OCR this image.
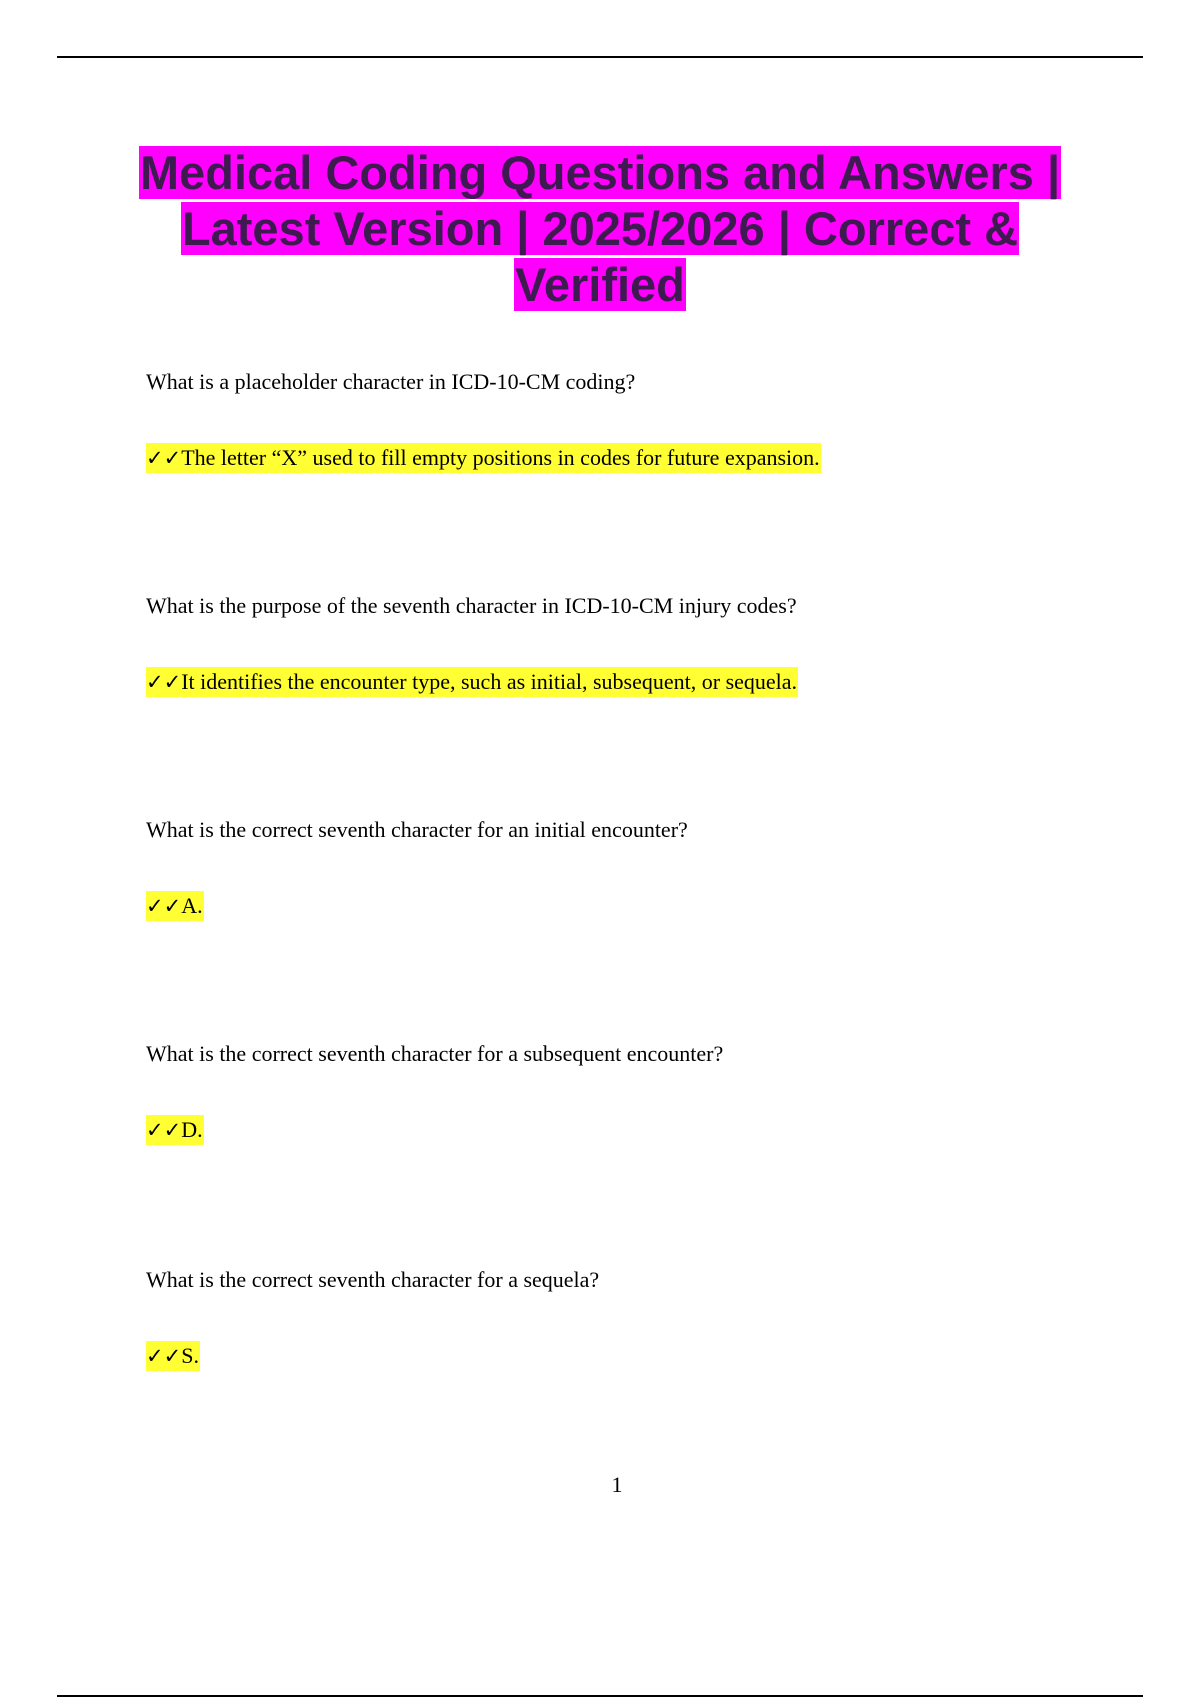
Medical Coding Questions and Answers | Latest Version | 2025/2026 | Correct & Verified
What is a placeholder character in ICD-10-CM coding?
✓✓The letter “X” used to fill empty positions in codes for future expansion.
What is the purpose of the seventh character in ICD-10-CM injury codes?
✓✓It identifies the encounter type, such as initial, subsequent, or sequela.
What is the correct seventh character for an initial encounter?
✓✓A.
What is the correct seventh character for a subsequent encounter?
✓✓D.
What is the correct seventh character for a sequela?
✓✓S.
1
